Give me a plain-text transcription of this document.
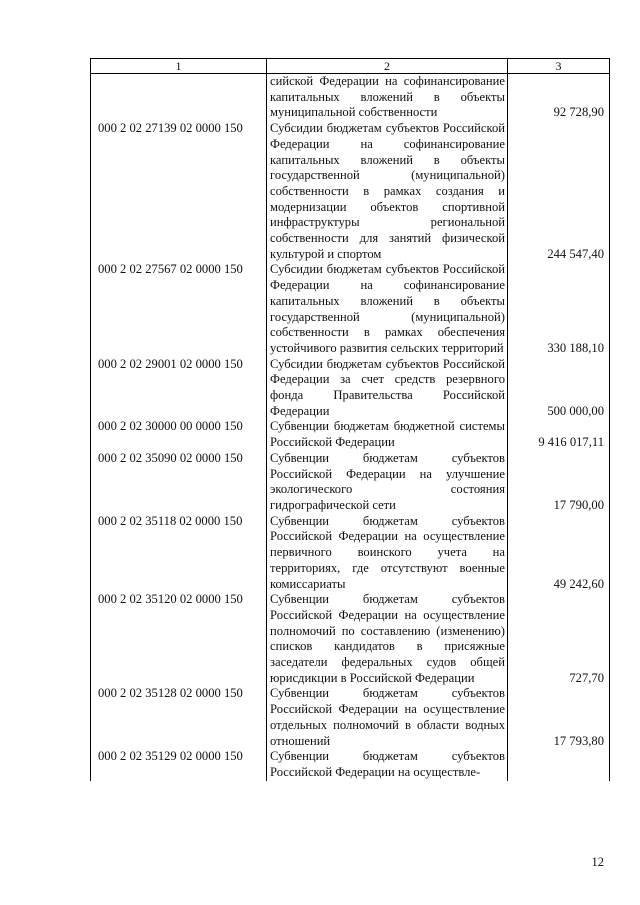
1	2	3

	сийской Федерации на софинансирование капитальных вложений в объекты муниципальной собственности	92 728,90

000 2 02 27139 02 0000 150	Субсидии бюджетам субъектов Российской Федерации на софинансирование капитальных вложений в объекты государственной (муниципальной) собственности в рамках создания и модернизации объектов спортивной инфраструктуры региональной собственности для занятий физической культурой и спортом	244 547,40

000 2 02 27567 02 0000 150	Субсидии бюджетам субъектов Российской Федерации на софинансирование капитальных вложений в объекты государственной (муниципальной) собственности в рамках обеспечения устойчивого развития сельских территорий	330 188,10

000 2 02 29001 02 0000 150	Субсидии бюджетам субъектов Российской Федерации за счет средств резервного фонда Правительства Российской Федерации	500 000,00

000 2 02 30000 00 0000 150	Субвенции бюджетам бюджетной системы Российской Федерации	9 416 017,11

000 2 02 35090 02 0000 150	Субвенции бюджетам субъектов Российской Федерации на улучшение экологического состояния гидрографической сети	17 790,00

000 2 02 35118 02 0000 150	Субвенции бюджетам субъектов Российской Федерации на осуществление первичного воинского учета на территориях, где отсутствуют военные комиссариаты	49 242,60

000 2 02 35120 02 0000 150	Субвенции бюджетам субъектов Российской Федерации на осуществление полномочий по составлению (изменению) списков кандидатов в присяжные заседатели федеральных судов общей юрисдикции в Российской Федерации	727,70

000 2 02 35128 02 0000 150	Субвенции бюджетам субъектов Российской Федерации на осуществление отдельных полномочий в области водных отношений	17 793,80

000 2 02 35129 02 0000 150	Субвенции бюджетам субъектов Российской Федерации на осуществле-	
12
